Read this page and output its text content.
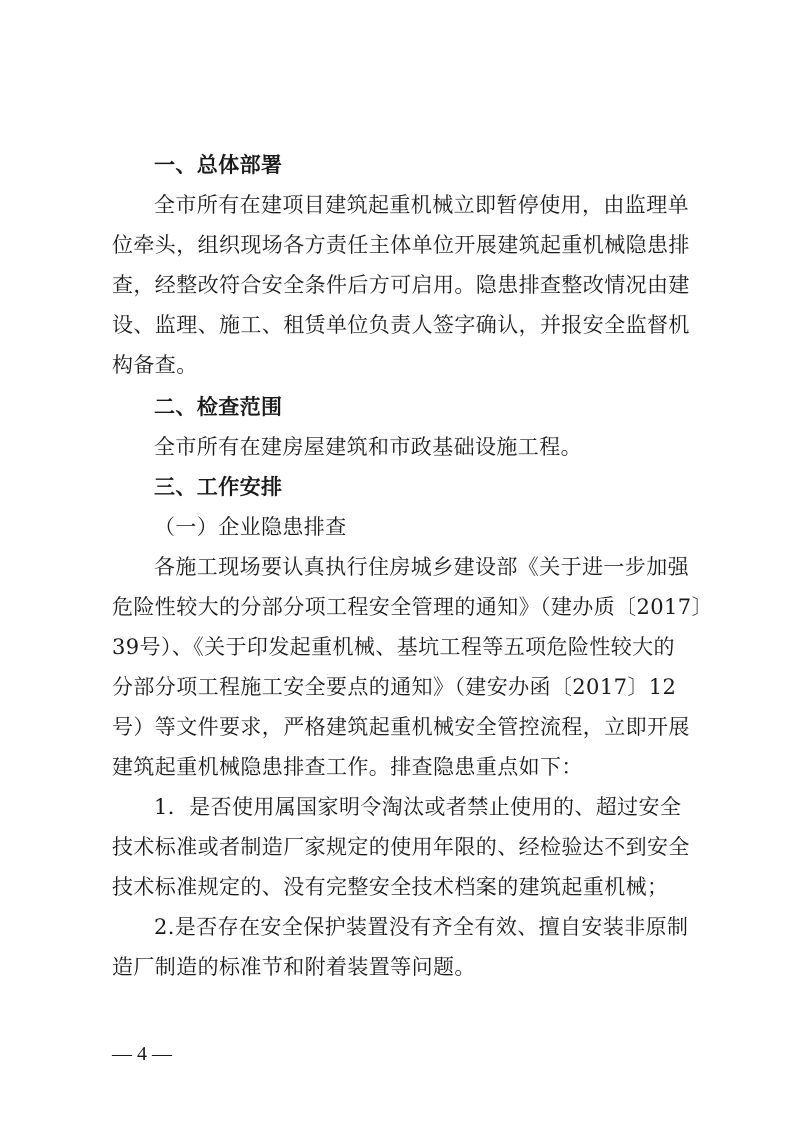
一、总体部署
全市所有在建项目建筑起重机械立即暂停使用，由监理单
位牵头，组织现场各方责任主体单位开展建筑起重机械隐患排
查，经整改符合安全条件后方可启用。隐患排查整改情况由建
设、监理、施工、租赁单位负责人签字确认，并报安全监督机
构备查。
二、检查范围
全市所有在建房屋建筑和市政基础设施工程。
三、工作安排
（一）企业隐患排查
各施工现场要认真执行住房城乡建设部《关于进一步加强
危险性较大的分部分项工程安全管理的通知》（建办质〔2017〕
39号）、《关于印发起重机械、基坑工程等五项危险性较大的
分部分项工程施工安全要点的通知》（建安办函〔2017〕12
号）等文件要求，严格建筑起重机械安全管控流程，立即开展
建筑起重机械隐患排查工作。排查隐患重点如下：
1．是否使用属国家明令淘汰或者禁止使用的、超过安全
技术标准或者制造厂家规定的使用年限的、经检验达不到安全
技术标准规定的、没有完整安全技术档案的建筑起重机械；
2.是否存在安全保护装置没有齐全有效、擅自安装非原制
造厂制造的标准节和附着装置等问题。
— 4 —
